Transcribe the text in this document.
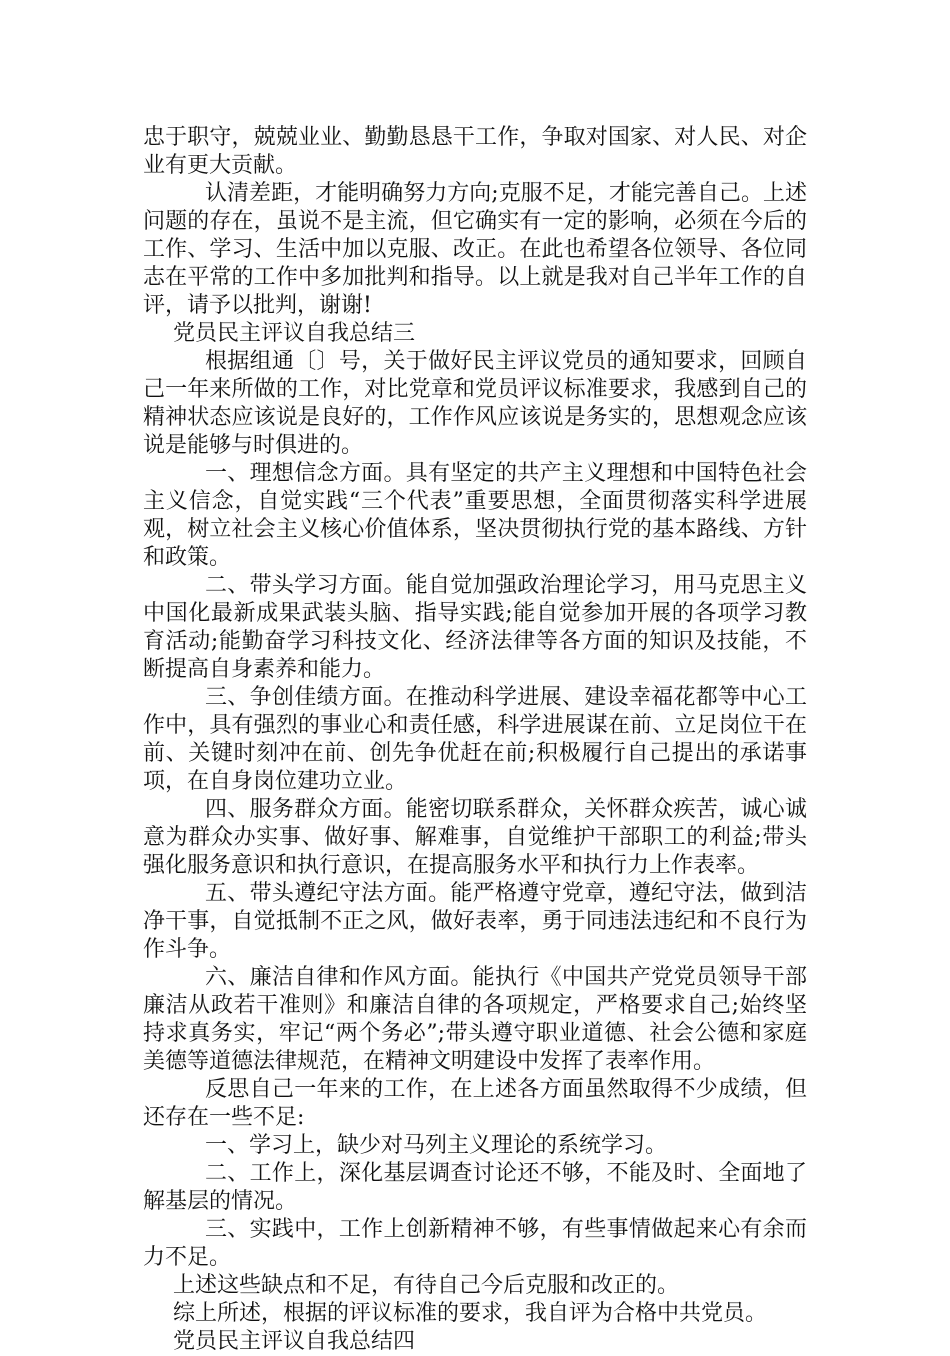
忠于职守，兢兢业业、勤勤恳恳干工作，争取对国家、对人民、对企业有更大贡献。

认清差距，才能明确努力方向;克服不足，才能完善自己。上述问题的存在，虽说不是主流，但它确实有一定的影响，必须在今后的工作、学习、生活中加以克服、改正。在此也希望各位领导、各位同志在平常的工作中多加批判和指导。以上就是我对自己半年工作的自评，请予以批判，谢谢!

党员民主评议自我总结三

根据组通〔〕号，关于做好民主评议党员的通知要求，回顾自己一年来所做的工作，对比党章和党员评议标准要求，我感到自己的精神状态应该说是良好的，工作作风应该说是务实的，思想观念应该说是能够与时俱进的。

一、理想信念方面。具有坚定的共产主义理想和中国特色社会主义信念，自觉实践“三个代表”重要思想，全面贯彻落实科学进展观，树立社会主义核心价值体系，坚决贯彻执行党的基本路线、方针和政策。

二、带头学习方面。能自觉加强政治理论学习，用马克思主义中国化最新成果武装头脑、指导实践;能自觉参加开展的各项学习教育活动;能勤奋学习科技文化、经济法律等各方面的知识及技能，不断提高自身素养和能力。

三、争创佳绩方面。在推动科学进展、建设幸福花都等中心工作中，具有强烈的事业心和责任感，科学进展谋在前、立足岗位干在前、关键时刻冲在前、创先争优赶在前;积极履行自己提出的承诺事项，在自身岗位建功立业。

四、服务群众方面。能密切联系群众，关怀群众疾苦，诚心诚意为群众办实事、做好事、解难事，自觉维护干部职工的利益;带头强化服务意识和执行意识，在提高服务水平和执行力上作表率。

五、带头遵纪守法方面。能严格遵守党章，遵纪守法，做到洁净干事，自觉抵制不正之风，做好表率，勇于同违法违纪和不良行为作斗争。

六、廉洁自律和作风方面。能执行《中国共产党党员领导干部廉洁从政若干准则》和廉洁自律的各项规定，严格要求自己;始终坚持求真务实，牢记“两个务必”;带头遵守职业道德、社会公德和家庭美德等道德法律规范，在精神文明建设中发挥了表率作用。

反思自己一年来的工作，在上述各方面虽然取得不少成绩，但还存在一些不足:

一、学习上，缺少对马列主义理论的系统学习。

二、工作上，深化基层调查讨论还不够，不能及时、全面地了解基层的情况。

三、实践中，工作上创新精神不够，有些事情做起来心有余而力不足。

上述这些缺点和不足，有待自己今后克服和改正的。

综上所述，根据的评议标准的要求，我自评为合格中共党员。

党员民主评议自我总结四
